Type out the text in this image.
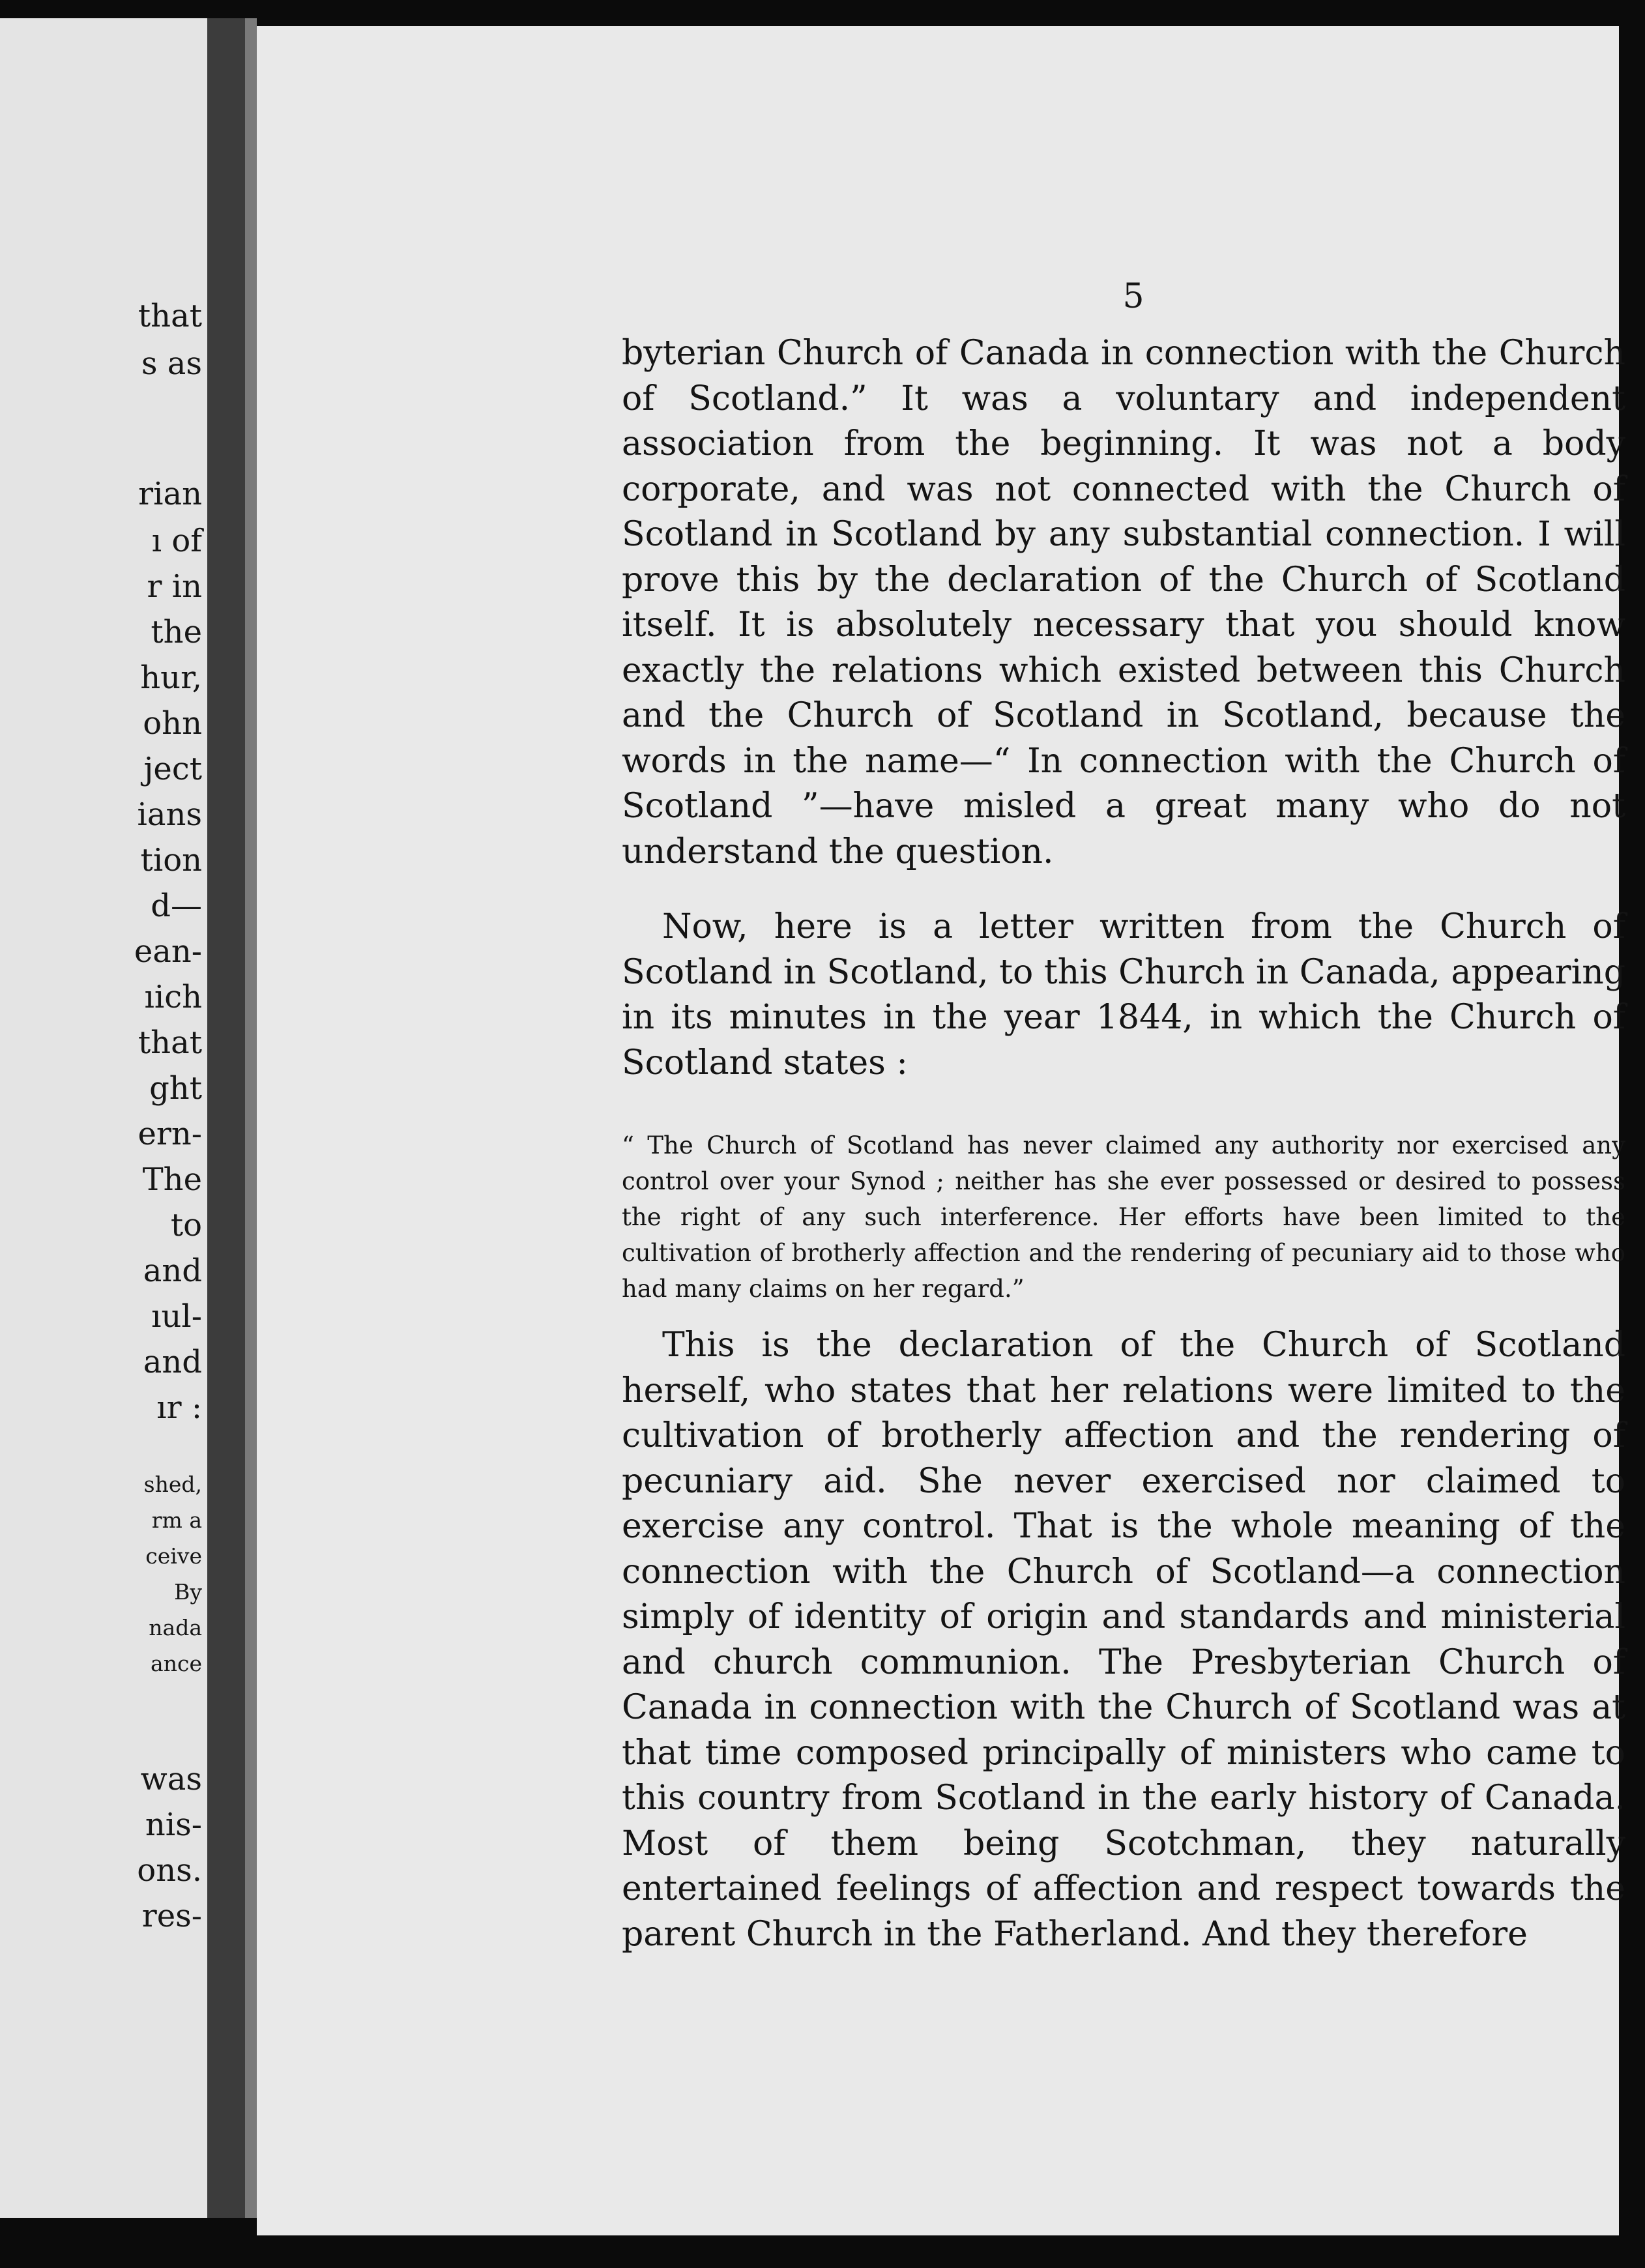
that
s as
rian
ı of
r in
the
hur,
ohn
ject
ians
tion
d—
ean-
ıich
that
ght
ern-
The
to
and
ıul-
and
ır :
shed,
rm a
ceive
By
nada
ance
was
nis-
ons.
res-
5

byterian Church of Canada in connection with the Church of Scotland.” It was a voluntary and independent association from the beginning. It was not a body corporate, and was not connected with the Church of Scotland in Scotland by any substantial connection. I will prove this by the declaration of the Church of Scotland itself. It is absolutely necessary that you should know exactly the relations which existed between this Church and the Church of Scotland in Scotland, because the words in the name—“ In connection with the Church of Scotland ”—have misled a great many who do not understand the question.

Now, here is a letter written from the Church of Scotland in Scotland, to this Church in Canada, appearing in its minutes in the year 1844, in which the Church of Scotland states :

“ The Church of Scotland has never claimed any authority nor exercised any control over your Synod ; neither has she ever possessed or desired to possess the right of any such interference. Her efforts have been limited to the cultivation of brotherly affection and the rendering of pecuniary aid to those who had many claims on her regard.”

This is the declaration of the Church of Scotland herself, who states that her relations were limited to the cultivation of brotherly affection and the rendering of pecuniary aid. She never exercised nor claimed to exercise any control. That is the whole meaning of the connection with the Church of Scotland—a connection simply of identity of origin and standards and ministerial and church communion. The Presbyterian Church of Canada in connection with the Church of Scotland was at that time composed principally of ministers who came to this country from Scotland in the early history of Canada. Most of them being Scotchman, they naturally entertained feelings of affection and respect towards the parent Church in the Fatherland. And they therefore
